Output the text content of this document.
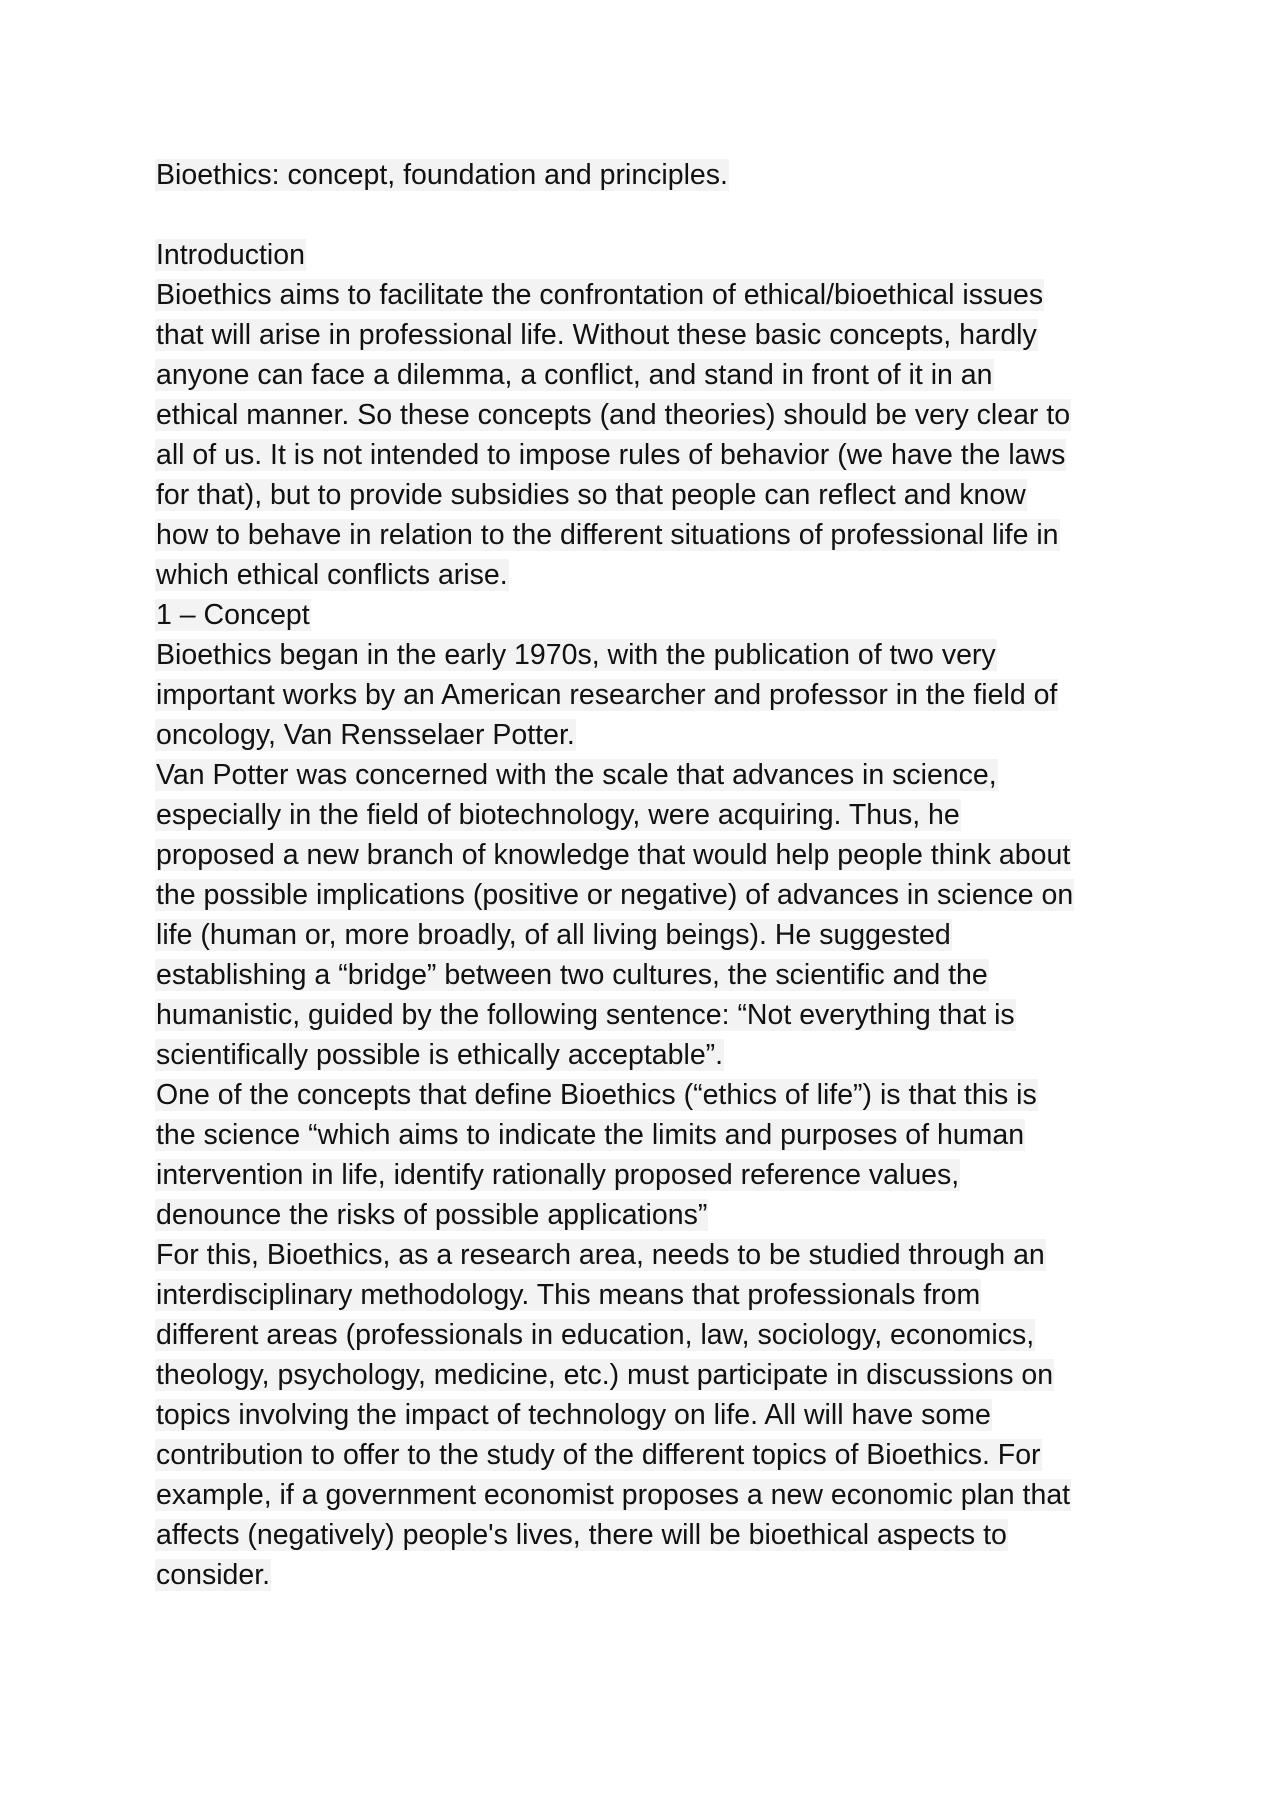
Bioethics: concept, foundation and principles.
Introduction
Bioethics aims to facilitate the confrontation of ethical/bioethical issues
that will arise in professional life. Without these basic concepts, hardly
anyone can face a dilemma, a conflict, and stand in front of it in an
ethical manner. So these concepts (and theories) should be very clear to
all of us. It is not intended to impose rules of behavior (we have the laws
for that), but to provide subsidies so that people can reflect and know
how to behave in relation to the different situations of professional life in
which ethical conflicts arise.
1 – Concept
Bioethics began in the early 1970s, with the publication of two very
important works by an American researcher and professor in the field of
oncology, Van Rensselaer Potter.
Van Potter was concerned with the scale that advances in science,
especially in the field of biotechnology, were acquiring. Thus, he
proposed a new branch of knowledge that would help people think about
the possible implications (positive or negative) of advances in science on
life (human or, more broadly, of all living beings). He suggested
establishing a “bridge” between two cultures, the scientific and the
humanistic, guided by the following sentence: “Not everything that is
scientifically possible is ethically acceptable”.
One of the concepts that define Bioethics (“ethics of life”) is that this is
the science “which aims to indicate the limits and purposes of human
intervention in life, identify rationally proposed reference values,
denounce the risks of possible applications”
For this, Bioethics, as a research area, needs to be studied through an
interdisciplinary methodology. This means that professionals from
different areas (professionals in education, law, sociology, economics,
theology, psychology, medicine, etc.) must participate in discussions on
topics involving the impact of technology on life. All will have some
contribution to offer to the study of the different topics of Bioethics. For
example, if a government economist proposes a new economic plan that
affects (negatively) people's lives, there will be bioethical aspects to
consider.
